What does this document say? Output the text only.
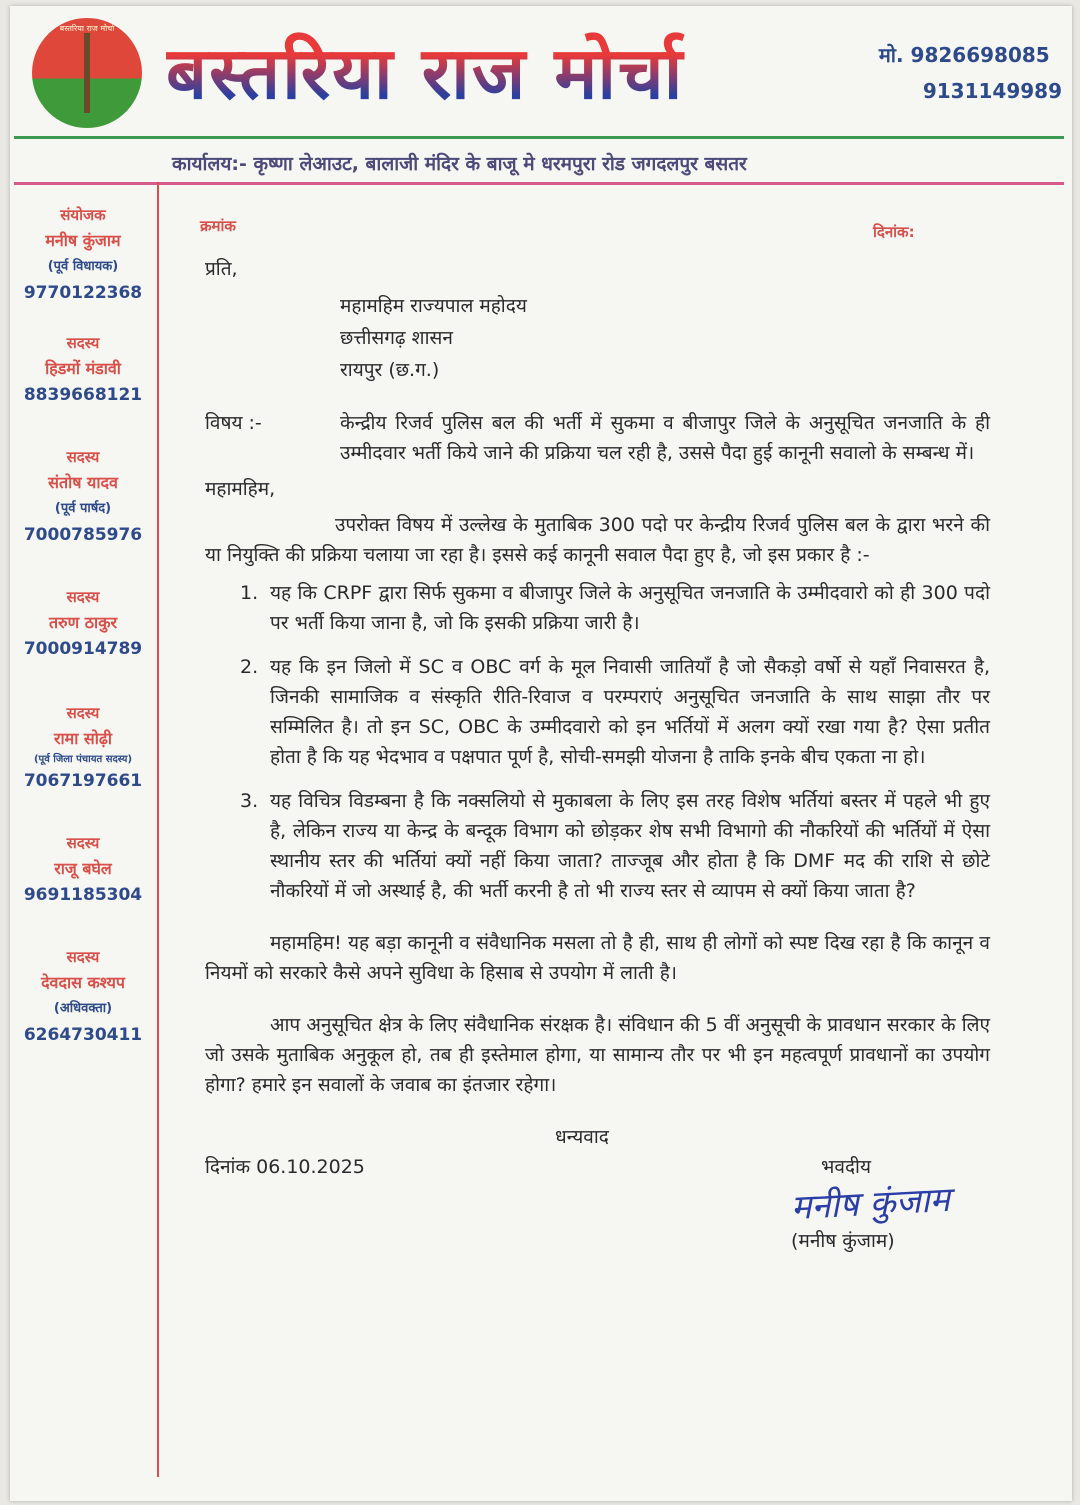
बस्तरिया राज मोर्चा
बस्तरिया राज मोर्चा	मो. 9826698085
9131149989
कार्यालय:- कृष्णा लेआउट, बालाजी मंदिर के बाजू मे धरमपुरा रोड जगदलपुर बसतर
संयोजक
मनीष कुंजाम
(पूर्व विधायक)
9770122368
सदस्य
हिडमों मंडावी
8839668121
सदस्य
संतोष यादव
(पूर्व पार्षद)
7000785976
सदस्य
तरुण ठाकुर
7000914789
सदस्य
रामा सोढ़ी
(पूर्व जिला पंचायत सदस्य)
7067197661
सदस्य
राजू बघेल
9691185304
सदस्य
देवदास कश्यप
(अधिवक्ता)
6264730411
क्रमांक	दिनांक:
प्रति,
महामहिम राज्यपाल महोदय
छत्तीसगढ़ शासन
रायपुर (छ.ग.)
विषय :-	केन्द्रीय रिजर्व पुलिस बल की भर्ती में सुकमा व बीजापुर जिले के अनुसूचित जनजाति के ही उम्मीदवार भर्ती किये जाने की प्रक्रिया चल रही है, उससे पैदा हुई कानूनी सवालो के सम्बन्ध में।
महामहिम,
उपरोक्त विषय में उल्लेख के मुताबिक 300 पदो पर केन्द्रीय रिजर्व पुलिस बल के द्वारा भरने की या नियुक्ति की प्रक्रिया चलाया जा रहा है। इससे कई कानूनी सवाल पैदा हुए है, जो इस प्रकार है :-
1. यह कि CRPF द्वारा सिर्फ सुकमा व बीजापुर जिले के अनुसूचित जनजाति के उम्मीदवारो को ही 300 पदो पर भर्ती किया जाना है, जो कि इसकी प्रक्रिया जारी है।
2. यह कि इन जिलो में SC व OBC वर्ग के मूल निवासी जातियाँ है जो सैकड़ो वर्षो से यहाँ निवासरत है, जिनकी सामाजिक व संस्कृति रीति-रिवाज व परम्पराएं अनुसूचित जनजाति के साथ साझा तौर पर सम्मिलित है। तो इन SC, OBC के उम्मीदवारो को इन भर्तियों में अलग क्यों रखा गया है? ऐसा प्रतीत होता है कि यह भेदभाव व पक्षपात पूर्ण है, सोची-समझी योजना है ताकि इनके बीच एकता ना हो।
3. यह विचित्र विडम्बना है कि नक्सलियो से मुकाबला के लिए इस तरह विशेष भर्तियां बस्तर में पहले भी हुए है, लेकिन राज्य या केन्द्र के बन्दूक विभाग को छोड़कर शेष सभी विभागो की नौकरियों की भर्तियों में ऐसा स्थानीय स्तर की भर्तियां क्यों नहीं किया जाता? ताज्जूब और होता है कि DMF मद की राशि से छोटे नौकरियों में जो अस्थाई है, की भर्ती करनी है तो भी राज्य स्तर से व्यापम से क्यों किया जाता है?
महामहिम! यह बड़ा कानूनी व संवैधानिक मसला तो है ही, साथ ही लोगों को स्पष्ट दिख रहा है कि कानून व नियमों को सरकारे कैसे अपने सुविधा के हिसाब से उपयोग में लाती है।
आप अनुसूचित क्षेत्र के लिए संवैधानिक संरक्षक है। संविधान की 5 वीं अनुसूची के प्रावधान सरकार के लिए जो उसके मुताबिक अनुकूल हो, तब ही इस्तेमाल होगा, या सामान्य तौर पर भी इन महत्वपूर्ण प्रावधानों का उपयोग होगा? हमारे इन सवालों के जवाब का इंतजार रहेगा।
धन्यवाद
दिनांक 06.10.2025	भवदीय
मनीष कुंजाम
(मनीष कुंजाम)
